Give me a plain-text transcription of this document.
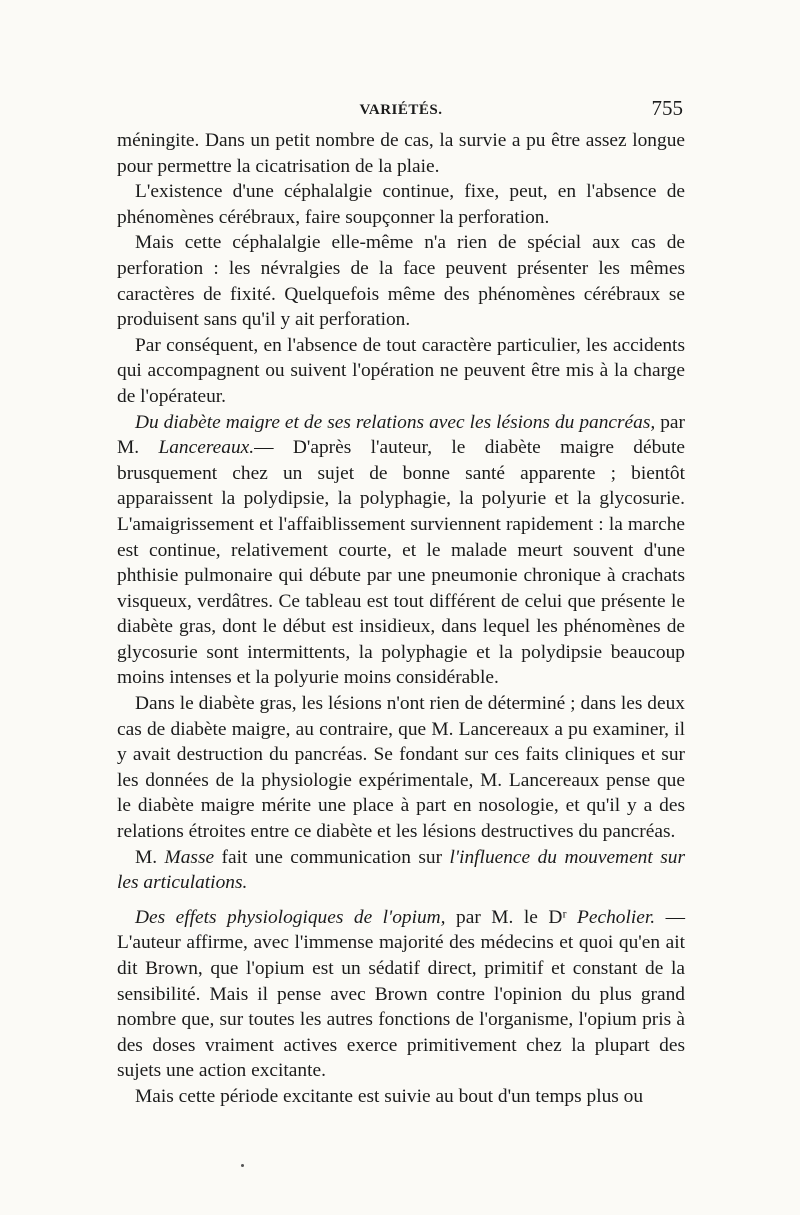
VARIÉTÉS.	755

méningite. Dans un petit nombre de cas, la survie a pu être assez longue pour permettre la cicatrisation de la plaie.

L'existence d'une céphalalgie continue, fixe, peut, en l'absence de phénomènes cérébraux, faire soupçonner la perforation.

Mais cette céphalalgie elle-même n'a rien de spécial aux cas de perforation : les névralgies de la face peuvent présenter les mêmes caractères de fixité. Quelquefois même des phénomènes cérébraux se produisent sans qu'il y ait perforation.

Par conséquent, en l'absence de tout caractère particulier, les accidents qui accompagnent ou suivent l'opération ne peuvent être mis à la charge de l'opérateur.

Du diabète maigre et de ses relations avec les lésions du pancréas, par M. Lancereaux.— D'après l'auteur, le diabète maigre débute brusquement chez un sujet de bonne santé apparente ; bientôt apparaissent la polydipsie, la polyphagie, la polyurie et la glycosurie. L'amaigrissement et l'affaiblissement surviennent rapidement : la marche est continue, relativement courte, et le malade meurt souvent d'une phthisie pulmonaire qui débute par une pneumonie chronique à crachats visqueux, verdâtres. Ce tableau est tout différent de celui que présente le diabète gras, dont le début est insidieux, dans lequel les phénomènes de glycosurie sont intermittents, la polyphagie et la polydipsie beaucoup moins intenses et la polyurie moins considérable.

Dans le diabète gras, les lésions n'ont rien de déterminé ; dans les deux cas de diabète maigre, au contraire, que M. Lancereaux a pu examiner, il y avait destruction du pancréas. Se fondant sur ces faits cliniques et sur les données de la physiologie expérimentale, M. Lancereaux pense que le diabète maigre mérite une place à part en nosologie, et qu'il y a des relations étroites entre ce diabète et les lésions destructives du pancréas.

M. Masse fait une communication sur l'influence du mouvement sur les articulations.

Des effets physiologiques de l'opium, par M. le Dʳ Pecholier. — L'auteur affirme, avec l'immense majorité des médecins et quoi qu'en ait dit Brown, que l'opium est un sédatif direct, primitif et constant de la sensibilité. Mais il pense avec Brown contre l'opinion du plus grand nombre que, sur toutes les autres fonctions de l'organisme, l'opium pris à des doses vraiment actives exerce primitivement chez la plupart des sujets une action excitante.

Mais cette période excitante est suivie au bout d'un temps plus ou
